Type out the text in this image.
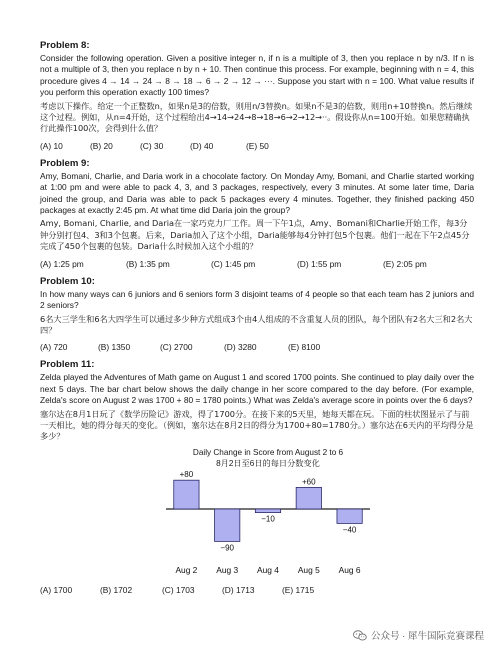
Problem 8:

Consider the following operation. Given a positive integer n, if n is a multiple of 3, then you replace n by n/3. If n is not a multiple of 3, then you replace n by n + 10. Then continue this process. For example, beginning with n = 4, this procedure gives 4 → 14 → 24 → 8 → 18 → 6 → 2 → 12 → ···. Suppose you start with n = 100. What value results if you perform this operation exactly 100 times?

考虑以下操作。给定一个正整数n，如果n是3的倍数，则用n/3替换n。如果n不是3的倍数，则用n+10替换n。然后继续这个过程。例如，从n=4开始，这个过程给出4→14→24→8→18→6→2→12→··。假设你从n=100开始。如果您精确执行此操作100次，会得到什么值？

(A) 10	(B) 20	(C) 30	(D) 40	(E) 50

Problem 9:

Amy, Bomani, Charlie, and Daria work in a chocolate factory. On Monday Amy, Bomani, and Charlie started working at 1:00 pm and were able to pack 4, 3, and 3 packages, respectively, every 3 minutes. At some later time, Daria joined the group, and Daria was able to pack 5 packages every 4 minutes. Together, they finished packing 450 packages at exactly 2:45 pm. At what time did Daria join the group?

Amy, Bomani, Charlie, and Daria在一家巧克力厂工作。周一下午1点，Amy、Bomani和Charlie开始工作，每3分钟分别打包4、3和3个包裹。后来，Daria加入了这个小组，Daria能够每4分钟打包5个包裹。他们一起在下午2点45分完成了450个包裹的包装。Daria什么时候加入这个小组的？

(A) 1:25 pm	(B) 1:35 pm	(C) 1:45 pm	(D) 1:55 pm	(E) 2:05 pm

Problem 10:

In how many ways can 6 juniors and 6 seniors form 3 disjoint teams of 4 people so that each team has 2 juniors and 2 seniors?

6名大三学生和6名大四学生可以通过多少种方式组成3个由4人组成的不含重复人员的团队，每个团队有2名大三和2名大四？

(A) 720	(B) 1350	(C) 2700	(D) 3280	(E) 8100

Problem 11:

Zelda played the Adventures of Math game on August 1 and scored 1700 points. She continued to play daily over the next 5 days. The bar chart below shows the daily change in her score compared to the day before. (For example, Zelda's score on August 2 was 1700 + 80 = 1780 points.) What was Zelda's average score in points over the 6 days?

塞尔达在8月1日玩了《数学历险记》游戏，得了1700分。在接下来的5天里，她每天都在玩。下面的柱状图显示了与前一天相比，她的得分每天的变化。（例如，塞尔达在8月2日的得分为1700+80=1780分。）塞尔达在6天内的平均得分是多少？

Daily Change in Score from August 2 to 6

8月2日至6日的每日分数变化

+80
Aug 2
−90
Aug 3
−10
Aug 4
+60
Aug 5
−40
Aug 6
(A) 1700	(B) 1702	(C) 1703	(D) 1713	(E) 1715
公众号 · 犀牛国际竞赛课程
